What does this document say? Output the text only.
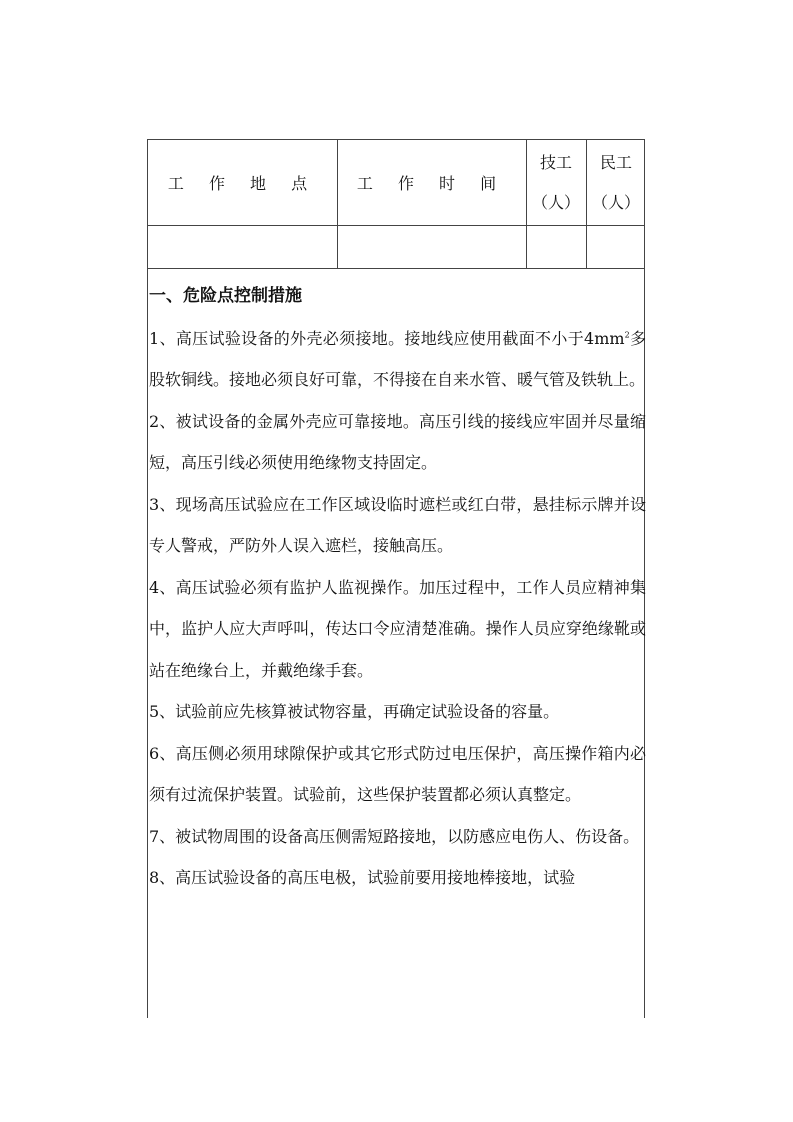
工 作 地 点	工 作 时 间
技工
（人）
民工
（人）

一、危险点控制措施

1、高压试验设备的外壳必须接地。接地线应使用截面不小于$4mm^2$多股软铜线。接地必须良好可靠，不得接在自来水管、暖气管及铁轨上。

2、被试设备的金属外壳应可靠接地。高压引线的接线应牢固并尽量缩短，高压引线必须使用绝缘物支持固定。

3、现场高压试验应在工作区域设临时遮栏或红白带，悬挂标示牌并设专人警戒，严防外人误入遮栏，接触高压。

4、高压试验必须有监护人监视操作。加压过程中，工作人员应精神集中，监护人应大声呼叫，传达口令应清楚准确。操作人员应穿绝缘靴或站在绝缘台上，并戴绝缘手套。

5、试验前应先核算被试物容量，再确定试验设备的容量。

6、高压侧必须用球隙保护或其它形式防过电压保护，高压操作箱内必须有过流保护装置。试验前，这些保护装置都必须认真整定。

7、被试物周围的设备高压侧需短路接地，以防感应电伤人、伤设备。

8、高压试验设备的高压电极，试验前要用接地棒接地，试验
